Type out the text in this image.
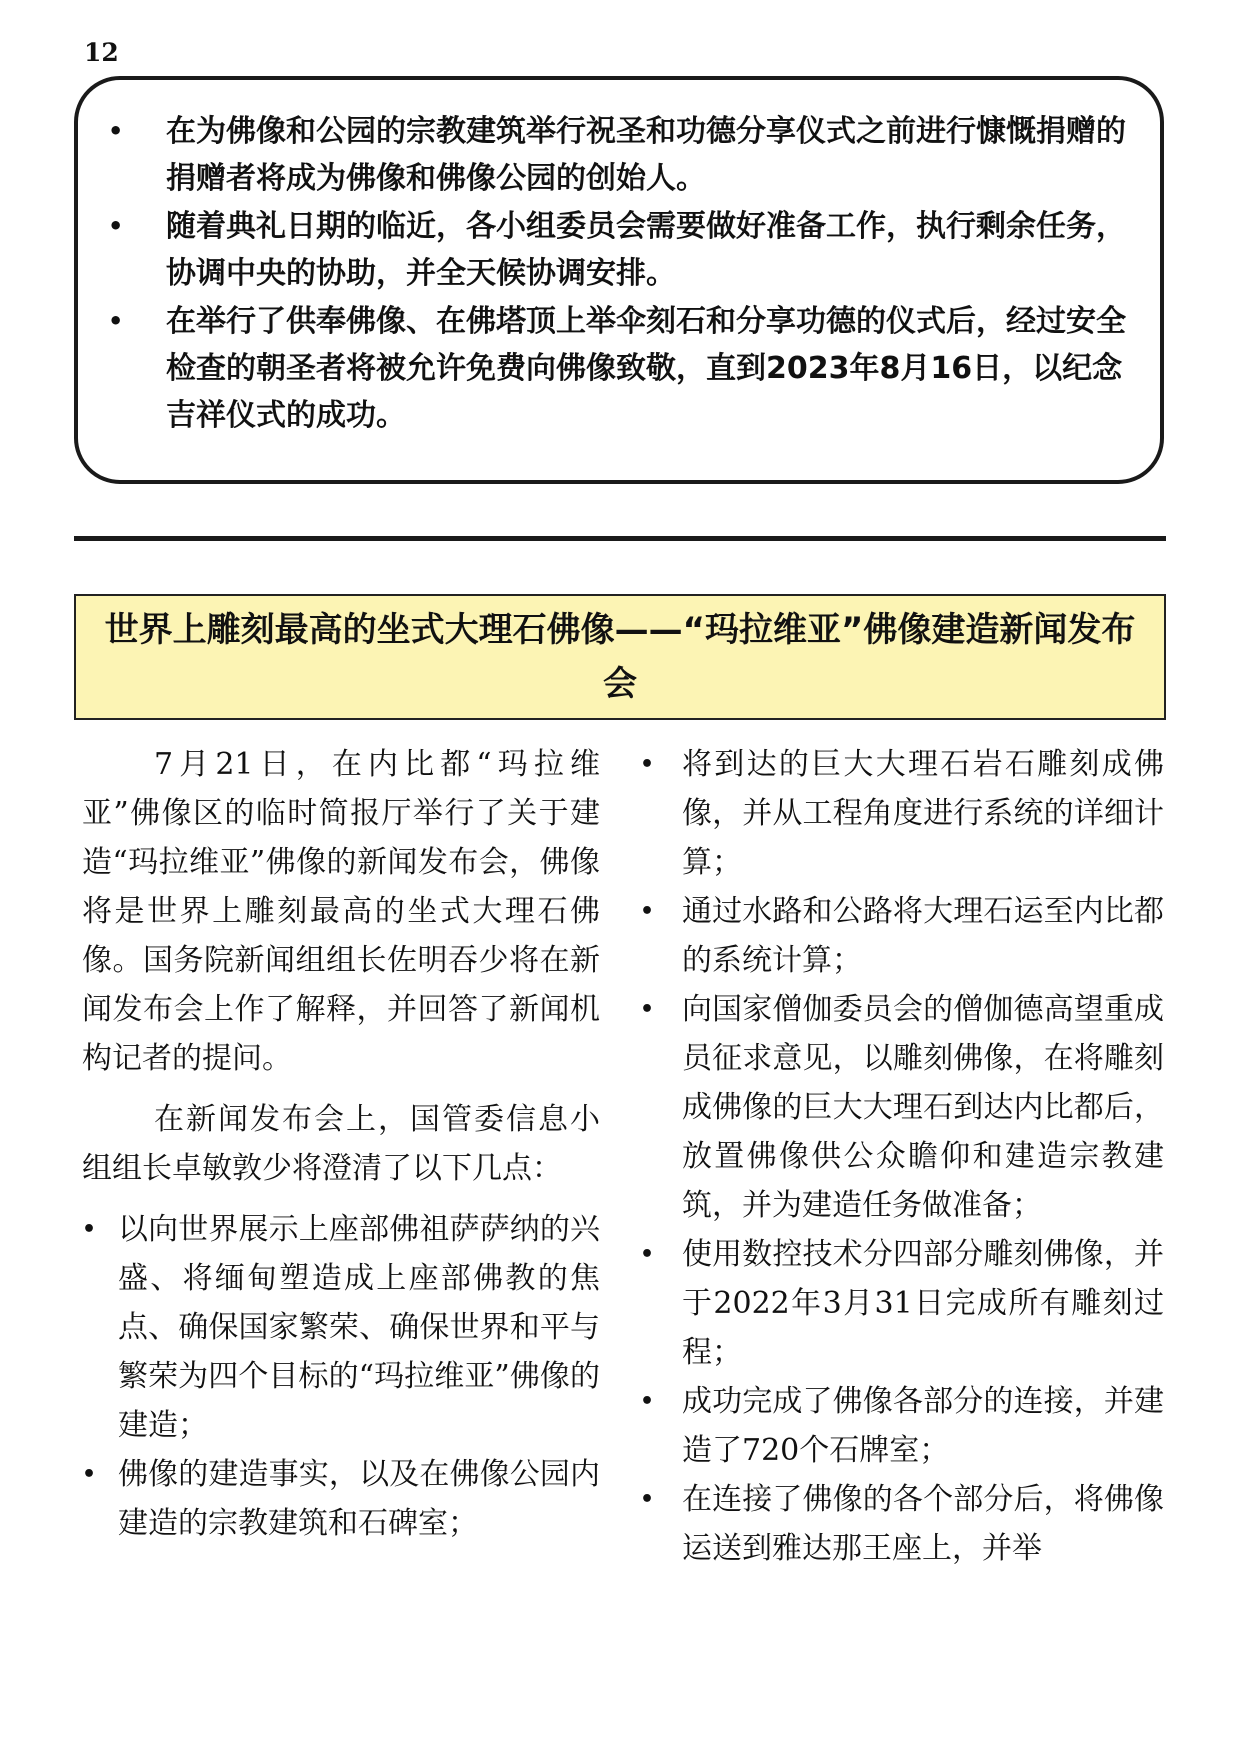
12
• 在为佛像和公园的宗教建筑举行祝圣和功德分享仪式之前进行慷慨捐赠的捐赠者将成为佛像和佛像公园的创始人。
• 随着典礼日期的临近，各小组委员会需要做好准备工作，执行剩余任务，协调中央的协助，并全天候协调安排。
• 在举行了供奉佛像、在佛塔顶上举伞刻石和分享功德的仪式后，经过安全检查的朝圣者将被允许免费向佛像致敬，直到2023年8月16日，以纪念吉祥仪式的成功。
世界上雕刻最高的坐式大理石佛像——“玛拉维亚”佛像建造新闻发布会

7月21日，在内比都“玛拉维亚”佛像区的临时简报厅举行了关于建造“玛拉维亚”佛像的新闻发布会，佛像将是世界上雕刻最高的坐式大理石佛像。国务院新闻组组长佐明吞少将在新闻发布会上作了解释，并回答了新闻机构记者的提问。

在新闻发布会上，国管委信息小组组长卓敏敦少将澄清了以下几点：

• 以向世界展示上座部佛祖萨萨纳的兴盛、将缅甸塑造成上座部佛教的焦点、确保国家繁荣、确保世界和平与繁荣为四个目标的“玛拉维亚”佛像的建造；
• 佛像的建造事实，以及在佛像公园内建造的宗教建筑和石碑室；
• 将到达的巨大大理石岩石雕刻成佛像，并从工程角度进行系统的详细计算；
• 通过水路和公路将大理石运至内比都的系统计算；
• 向国家僧伽委员会的僧伽德高望重成员征求意见，以雕刻佛像，在将雕刻成佛像的巨大大理石到达内比都后，放置佛像供公众瞻仰和建造宗教建筑，并为建造任务做准备；
• 使用数控技术分四部分雕刻佛像，并于2022年3月31日完成所有雕刻过程；
• 成功完成了佛像各部分的连接，并建造了720个石牌室；
• 在连接了佛像的各个部分后，将佛像运送到雅达那王座上，并举
